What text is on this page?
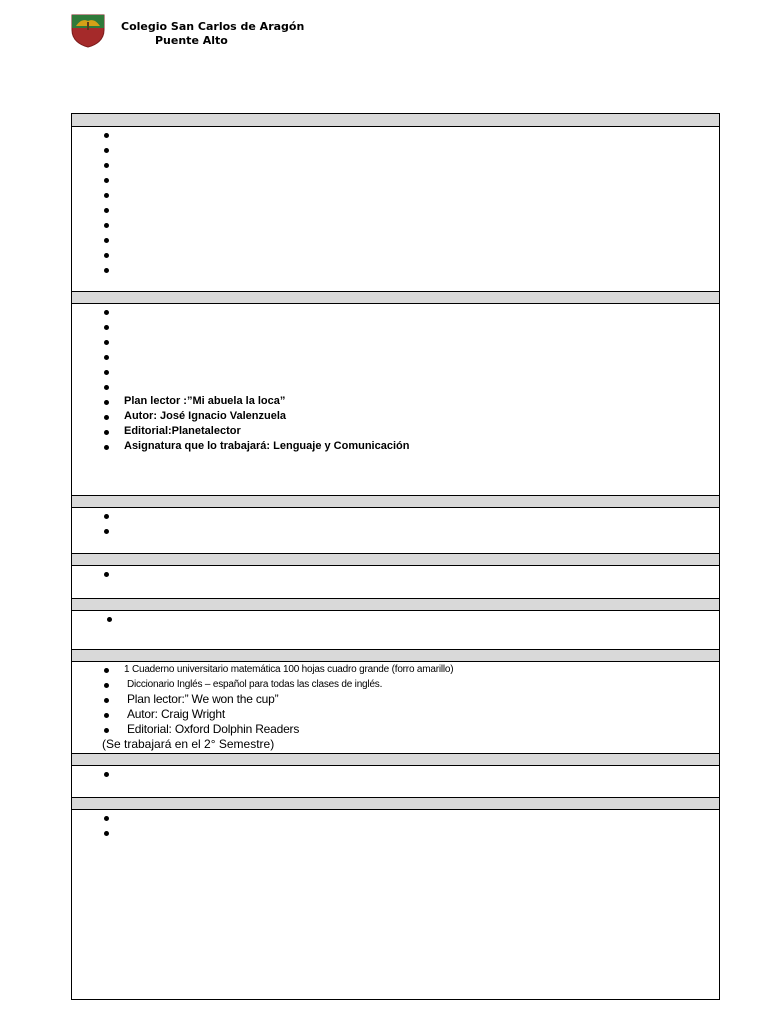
Colegio San Carlos de Aragón
Puente Alto
Plan lector :”Mi abuela la loca”
Autor: José Ignacio Valenzuela
Editorial:Planetalector
Asignatura que lo trabajará: Lenguaje y Comunicación
1 Cuaderno universitario matemática 100 hojas cuadro grande (forro amarillo)
Diccionario Inglés – español para todas las clases de inglés.
Plan lector:” We won the cup”
Autor: Craig Wright
Editorial: Oxford Dolphin Readers
(Se trabajará en el 2° Semestre)
